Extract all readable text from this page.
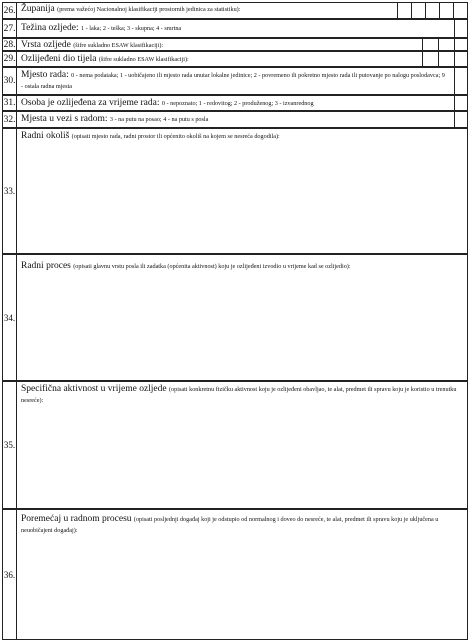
26. Županija (prema važećoj Nacionalnoj klasifikaciji prostornih jedinica za statistiku):
27. Težina ozljede: 1 - laka; 2 - teška; 3 - skupna; 4 - smrtna
28. Vrsta ozljede (šifre sukladno ESAW klasifikaciji):
29. Ozlijeđeni dio tijela (šifre sukladno ESAW klasifikaciji):
30.
Mjesto rada: 0 - nema podataka; 1 - uobičajeno ili mjesto rada unutar lokalne jedinice; 2 - povremeno ili pokretno mjesto rada ili putovanje po nalogu poslodavca; 9 - ostala radna mjesta
31. Osoba je ozlijeđena za vrijeme rada: 0 - nepoznato; 1 - redovitog; 2 - produženog; 3 - izvanrednog
32. Mjesta u vezi s radom: 3 - na putu na posao; 4 - na putu s posla
33.
Radni okoliš (opisati mjesto rada, radni prostor ili općenito okoliš na kojem se nesreća dogodila):
34.
Radni proces (opisati glavnu vrstu posla ili zadatka (općenita aktivnost) koju je ozlijeđeni izvodio u vrijeme kad se ozlijedio):
35.
Specifična aktivnost u vrijeme ozljede (opisati konkretnu fizičku aktivnost koju je ozlijeđeni obavljao, te alat, predmet ili spravu koju je koristio u trenutku nesreće):
36.
Poremećaj u radnom procesu (opisati posljednji događaj koji je odstupio od normalnog i doveo do nesreće, te alat, predmet ili spravu koju je uključena u neuobičajeni događaj):
